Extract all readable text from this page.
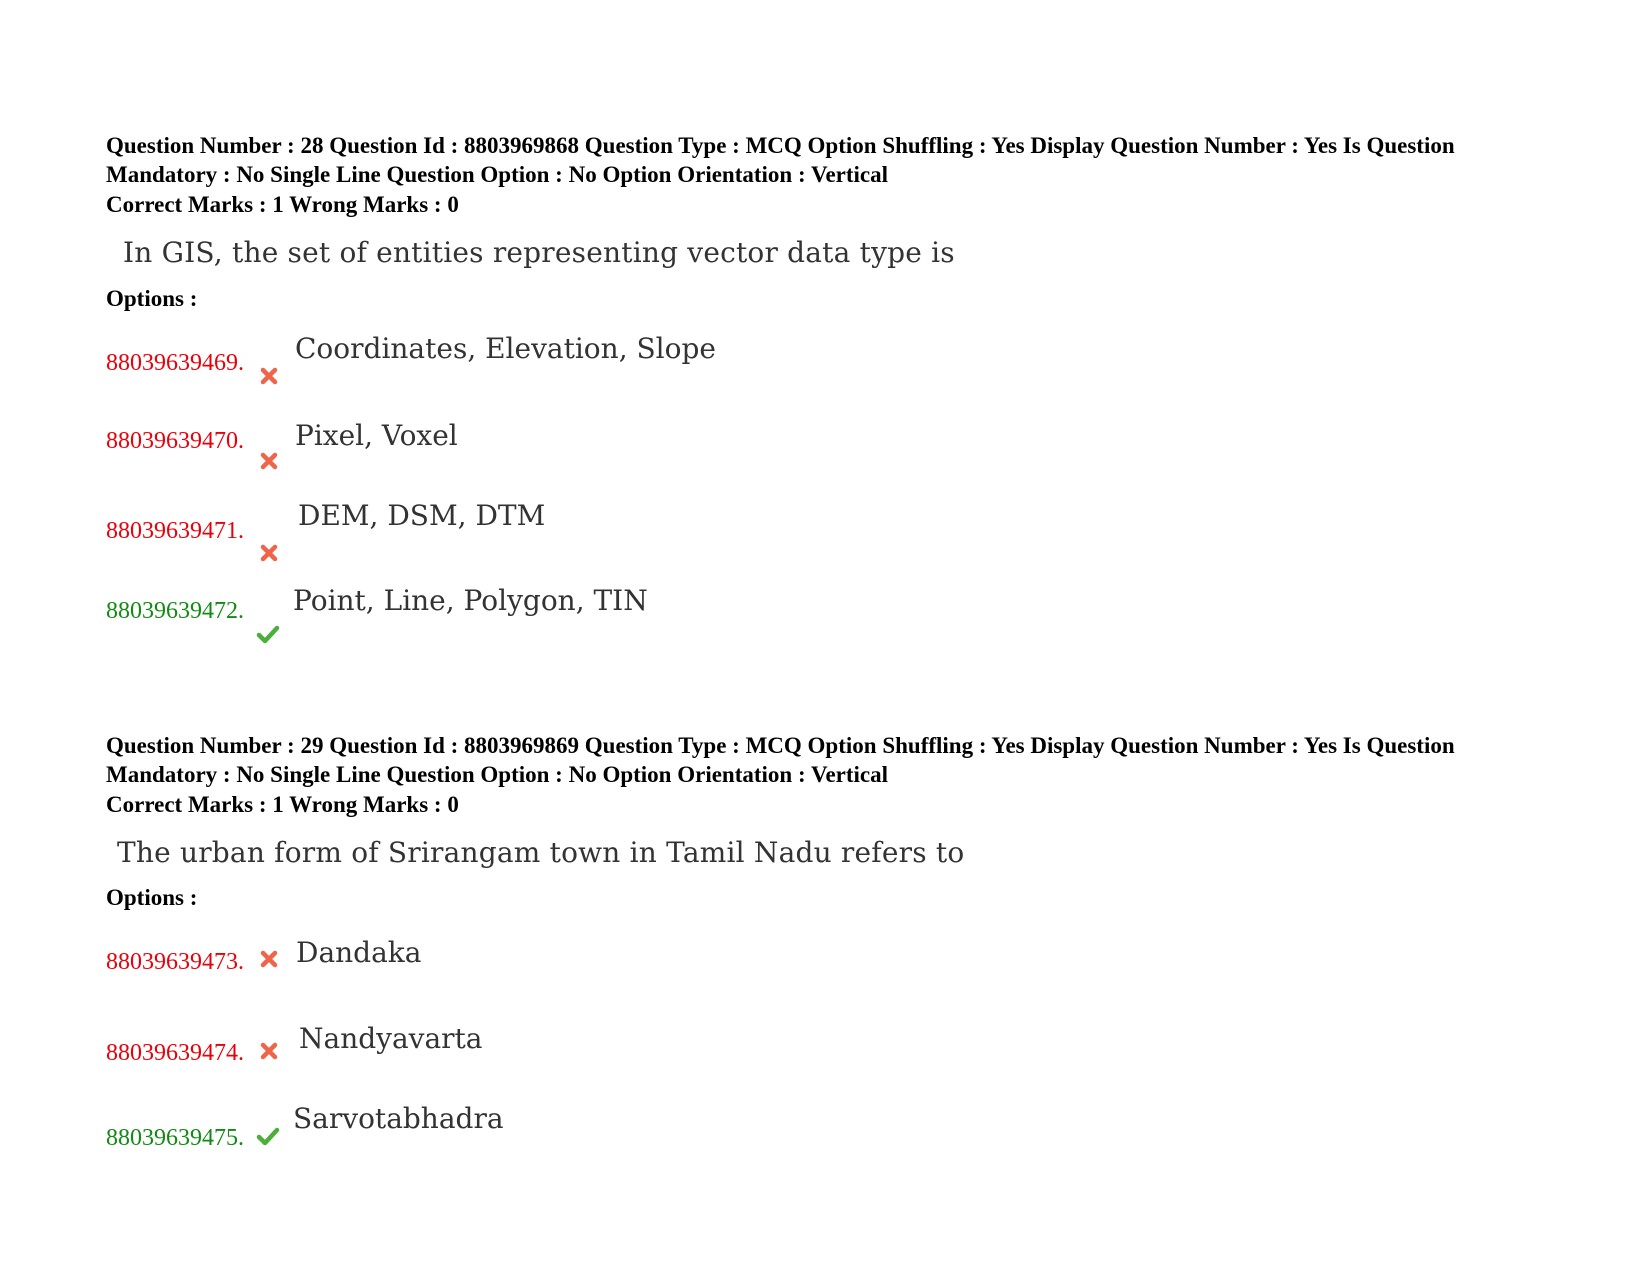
Question Number : 28 Question Id : 8803969868 Question Type : MCQ Option Shuffling : Yes Display Question Number : Yes Is Question Mandatory : No Single Line Question Option : No Option Orientation : Vertical
Correct Marks : 1 Wrong Marks : 0
In GIS, the set of entities representing vector data type is
Options :
88039639469. Coordinates, Elevation, Slope
88039639470. Pixel, Voxel
88039639471. DEM, DSM, DTM
88039639472. Point, Line, Polygon, TIN
Question Number : 29 Question Id : 8803969869 Question Type : MCQ Option Shuffling : Yes Display Question Number : Yes Is Question Mandatory : No Single Line Question Option : No Option Orientation : Vertical
Correct Marks : 1 Wrong Marks : 0
The urban form of Srirangam town in Tamil Nadu refers to
Options :
88039639473. Dandaka
88039639474. Nandyavarta
88039639475.
Sarvotabhadra
